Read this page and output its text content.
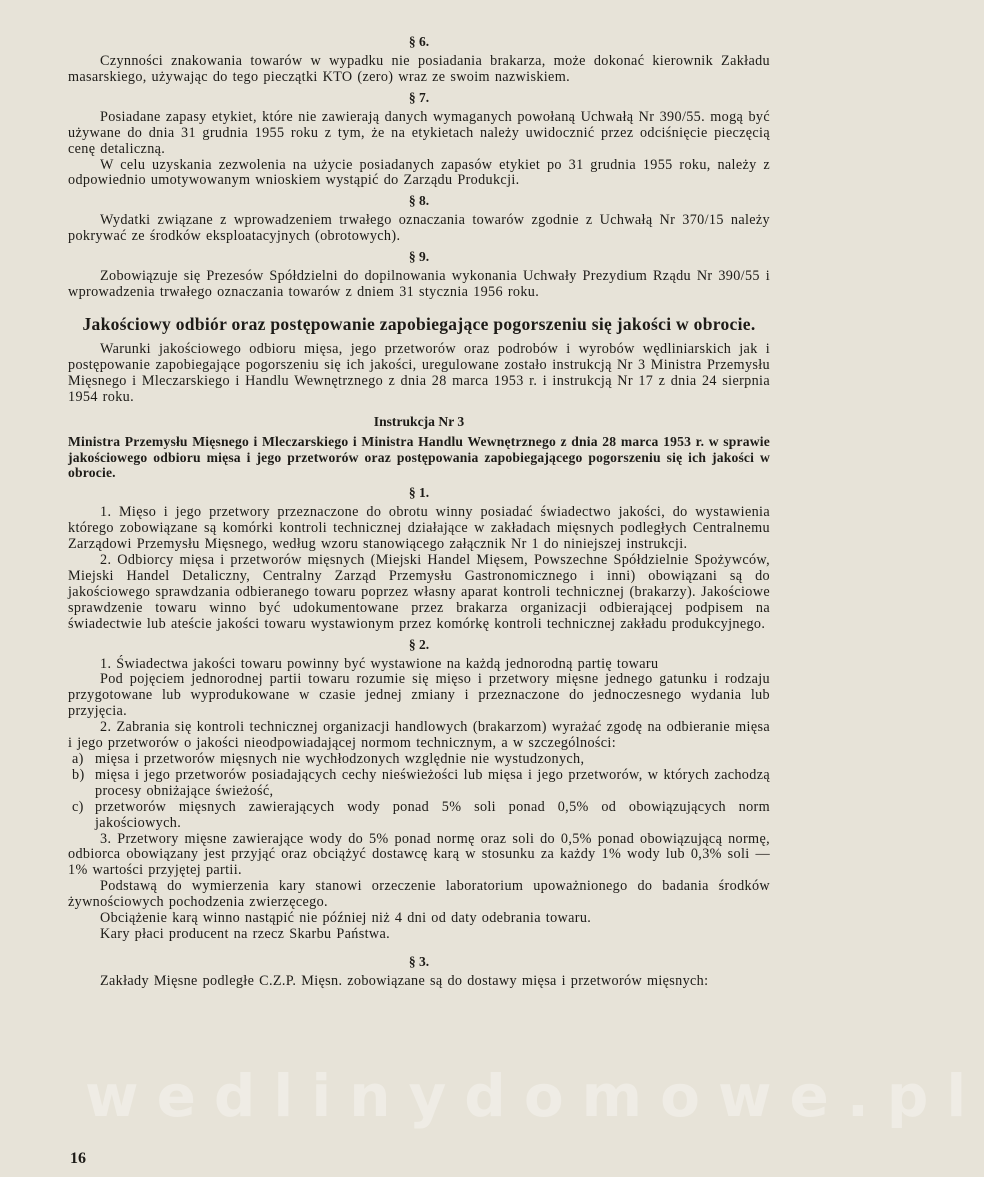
§ 6.

Czynności znakowania towarów w wypadku nie posiadania brakarza, może dokonać kierownik Zakładu masarskiego, używając do tego pieczątki KTO (zero) wraz ze swoim nazwiskiem.

§ 7.

Posiadane zapasy etykiet, które nie zawierają danych wymaganych powołaną Uchwałą Nr 390/55. mogą być używane do dnia 31 grudnia 1955 roku z tym, że na etykietach należy uwidocznić przez odciśnięcie pieczęcią cenę detaliczną.

W celu uzyskania zezwolenia na użycie posiadanych zapasów etykiet po 31 grudnia 1955 roku, należy z odpowiednio umotywowanym wnioskiem wystąpić do Zarządu Produkcji.

§ 8.

Wydatki związane z wprowadzeniem trwałego oznaczania towarów zgodnie z Uchwałą Nr 370/15 należy pokrywać ze środków eksploatacyjnych (obrotowych).

§ 9.

Zobowiązuje się Prezesów Spółdzielni do dopilnowania wykonania Uchwały Prezydium Rządu Nr 390/55 i wprowadzenia trwałego oznaczania towarów z dniem 31 stycznia 1956 roku.

Jakościowy odbiór oraz postępowanie zapobiegające pogorszeniu się jakości w obrocie.

Warunki jakościowego odbioru mięsa, jego przetworów oraz podrobów i wyrobów wędliniarskich jak i postępowanie zapobiegające pogorszeniu się ich jakości, uregulowane zostało instrukcją Nr 3 Ministra Przemysłu Mięsnego i Mleczarskiego i Handlu Wewnętrznego z dnia 28 marca 1953 r. i instrukcją Nr 17 z dnia 24 sierpnia 1954 roku.

Instrukcja Nr 3

Ministra Przemysłu Mięsnego i Mleczarskiego i Ministra Handlu Wewnętrznego z dnia 28 marca 1953 r. w sprawie jakościowego odbioru mięsa i jego przetworów oraz postępowania zapobiegającego pogorszeniu się ich jakości w obrocie.

§ 1.

1. Mięso i jego przetwory przeznaczone do obrotu winny posiadać świadectwo jakości, do wystawienia którego zobowiązane są komórki kontroli technicznej działające w zakładach mięsnych podległych Centralnemu Zarządowi Przemysłu Mięsnego, według wzoru stanowiącego załącznik Nr 1 do niniejszej instrukcji.

2. Odbiorcy mięsa i przetworów mięsnych (Miejski Handel Mięsem, Powszechne Spółdzielnie Spożywców, Miejski Handel Detaliczny, Centralny Zarząd Przemysłu Gastronomicznego i inni) obowiązani są do jakościowego sprawdzania odbieranego towaru poprzez własny aparat kontroli technicznej (brakarzy). Jakościowe sprawdzenie towaru winno być udokumentowane przez brakarza organizacji odbierającej podpisem na świadectwie lub ateście jakości towaru wystawionym przez komórkę kontroli technicznej zakładu produkcyjnego.

§ 2.

1. Świadectwa jakości towaru powinny być wystawione na każdą jednorodną partię towaru

Pod pojęciem jednorodnej partii towaru rozumie się mięso i przetwory mięsne jednego gatunku i rodzaju przygotowane lub wyprodukowane w czasie jednej zmiany i przeznaczone do jednoczesnego wydania lub przyjęcia.

2. Zabrania się kontroli technicznej organizacji handlowych (brakarzom) wyrażać zgodę na odbieranie mięsa i jego przetworów o jakości nieodpowiadającej normom technicznym, a w szczególności:

a) mięsa i przetworów mięsnych nie wychłodzonych względnie nie wystudzonych,
b) mięsa i jego przetworów posiadających cechy nieświeżości lub mięsa i jego przetworów, w których zachodzą procesy obniżające świeżość,
c) przetworów mięsnych zawierających wody ponad 5% soli ponad 0,5% od obowiązujących norm jakościowych.

3. Przetwory mięsne zawierające wody do 5% ponad normę oraz soli do 0,5% ponad obowiązującą normę, odbiorca obowiązany jest przyjąć oraz obciążyć dostawcę karą w stosunku za każdy 1% wody lub 0,3% soli — 1% wartości przyjętej partii.

Podstawą do wymierzenia kary stanowi orzeczenie laboratorium upoważnionego do badania środków żywnościowych pochodzenia zwierzęcego.

Obciążenie karą winno nastąpić nie później niż 4 dni od daty odebrania towaru.

Kary płaci producent na rzecz Skarbu Państwa.

§ 3.

Zakłady Mięsne podległe C.Z.P. Mięsn. zobowiązane są do dostawy mięsa i przetworów mięsnych:

wedlinydomowe.pl
16
